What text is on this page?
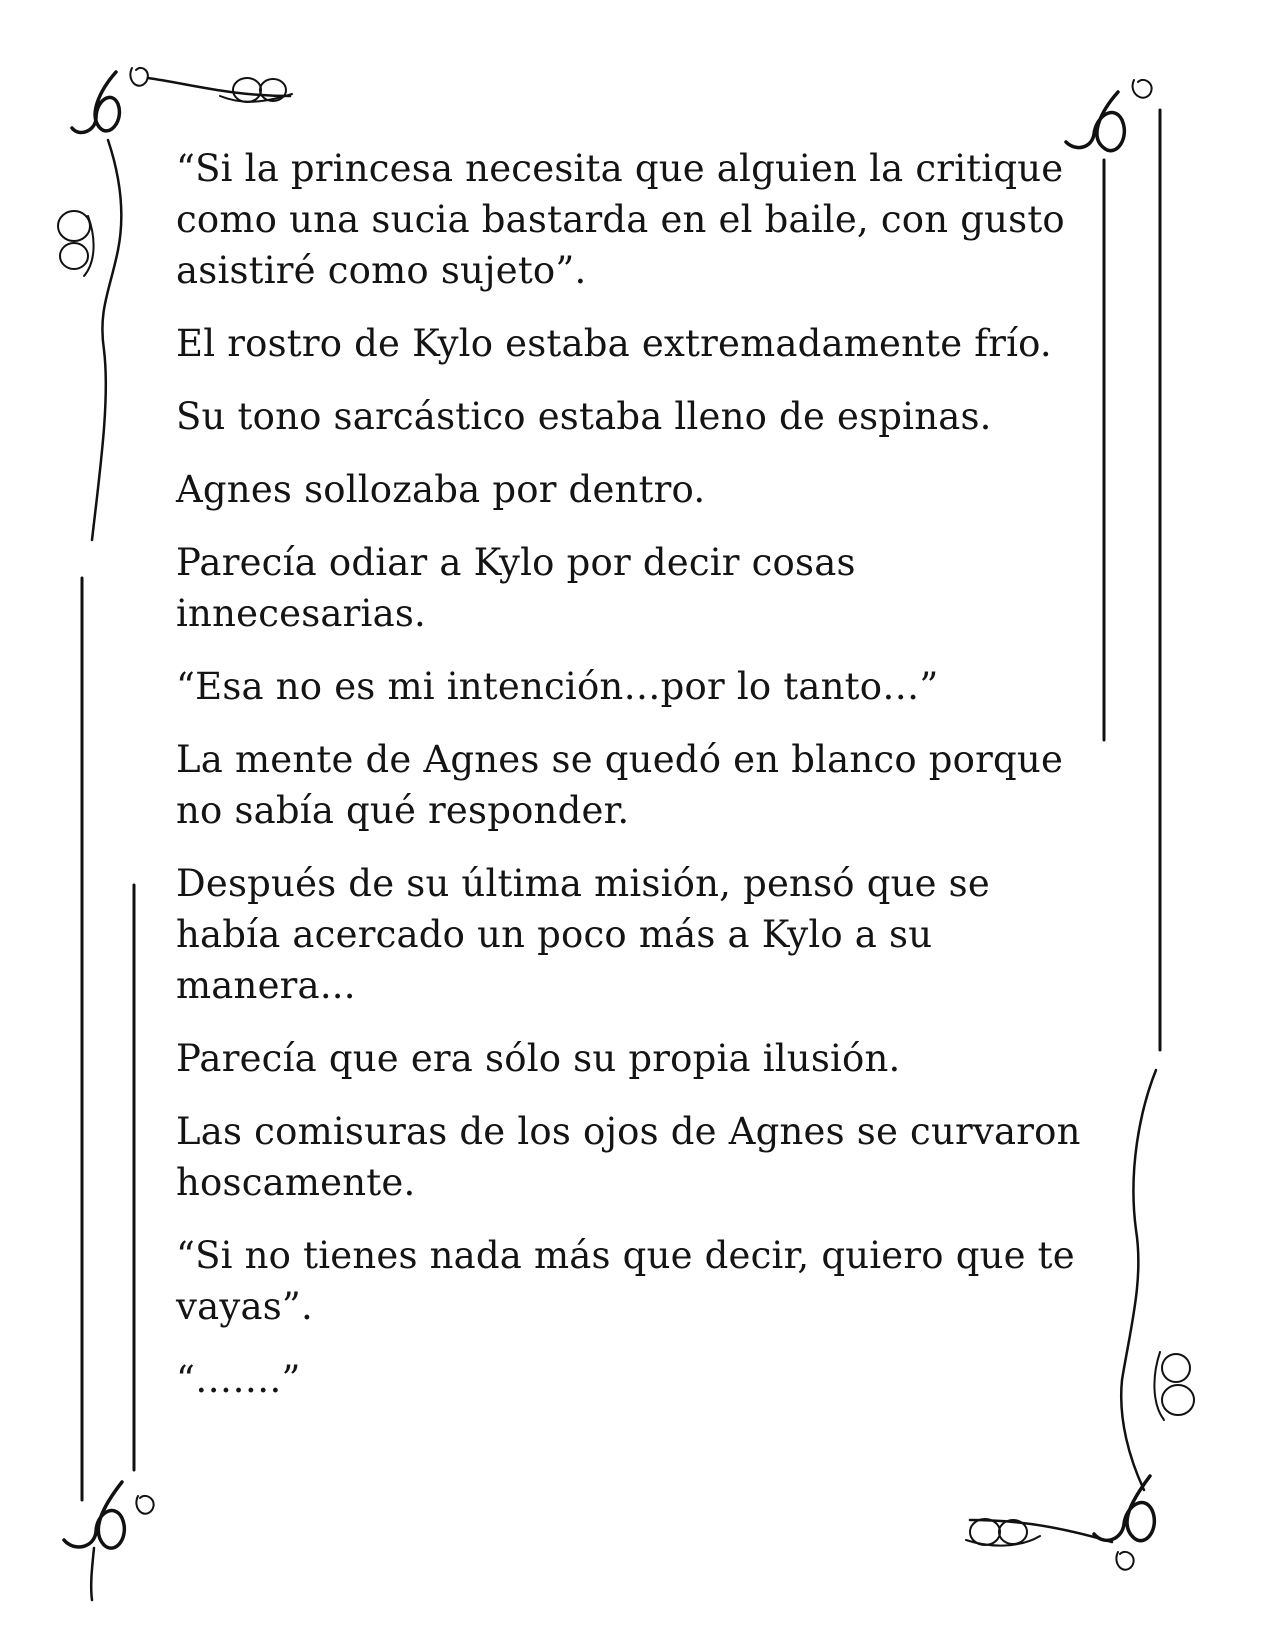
“Si la princesa necesita que alguien la critique como una sucia bastarda en el baile, con gusto asistiré como sujeto”.

El rostro de Kylo estaba extremadamente frío.

Su tono sarcástico estaba lleno de espinas.

Agnes sollozaba por dentro.

Parecía odiar a Kylo por decir cosas innecesarias.

“Esa no es mi intención…por lo tanto…”

La mente de Agnes se quedó en blanco porque no sabía qué responder.

Después de su última misión, pensó que se había acercado un poco más a Kylo a su manera...

Parecía que era sólo su propia ilusión.

Las comisuras de los ojos de Agnes se curvaron hoscamente.

“Si no tienes nada más que decir, quiero que te vayas”.

“…….”
